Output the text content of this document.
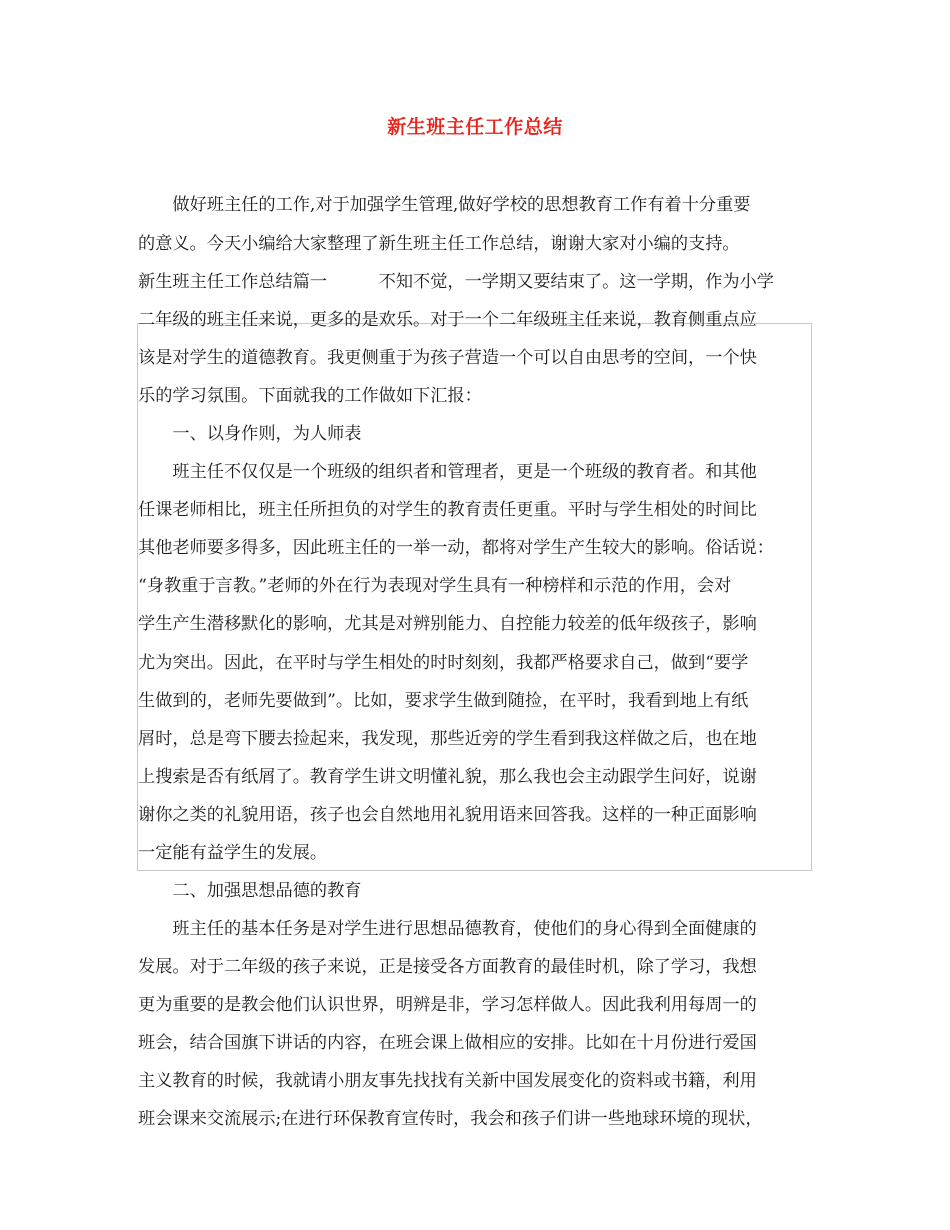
新生班主任工作总结
　　做好班主任的工作,对于加强学生管理,做好学校的思想教育工作有着十分重要
的意义。今天小编给大家整理了新生班主任工作总结，谢谢大家对小编的支持。
新生班主任工作总结篇一　　　不知不觉，一学期又要结束了。这一学期，作为小学
二年级的班主任来说，更多的是欢乐。对于一个二年级班主任来说，教育侧重点应
该是对学生的道德教育。我更侧重于为孩子营造一个可以自由思考的空间，一个快
乐的学习氛围。下面就我的工作做如下汇报：
　　一、以身作则，为人师表
　　班主任不仅仅是一个班级的组织者和管理者，更是一个班级的教育者。和其他
任课老师相比，班主任所担负的对学生的教育责任更重。平时与学生相处的时间比
其他老师要多得多，因此班主任的一举一动，都将对学生产生较大的影响。俗话说：
“身教重于言教。”老师的外在行为表现对学生具有一种榜样和示范的作用，会对
学生产生潜移默化的影响，尤其是对辨别能力、自控能力较差的低年级孩子，影响
尤为突出。因此，在平时与学生相处的时时刻刻，我都严格要求自己，做到“要学
生做到的，老师先要做到”。比如，要求学生做到随捡，在平时，我看到地上有纸
屑时，总是弯下腰去捡起来，我发现，那些近旁的学生看到我这样做之后，也在地
上搜索是否有纸屑了。教育学生讲文明懂礼貌，那么我也会主动跟学生问好，说谢
谢你之类的礼貌用语，孩子也会自然地用礼貌用语来回答我。这样的一种正面影响
一定能有益学生的发展。
　　二、加强思想品德的教育
　　班主任的基本任务是对学生进行思想品德教育，使他们的身心得到全面健康的
发展。对于二年级的孩子来说，正是接受各方面教育的最佳时机，除了学习，我想
更为重要的是教会他们认识世界，明辨是非，学习怎样做人。因此我利用每周一的
班会，结合国旗下讲话的内容，在班会课上做相应的安排。比如在十月份进行爱国
主义教育的时候，我就请小朋友事先找找有关新中国发展变化的资料或书籍，利用
班会课来交流展示;在进行环保教育宣传时，我会和孩子们讲一些地球环境的现状，
